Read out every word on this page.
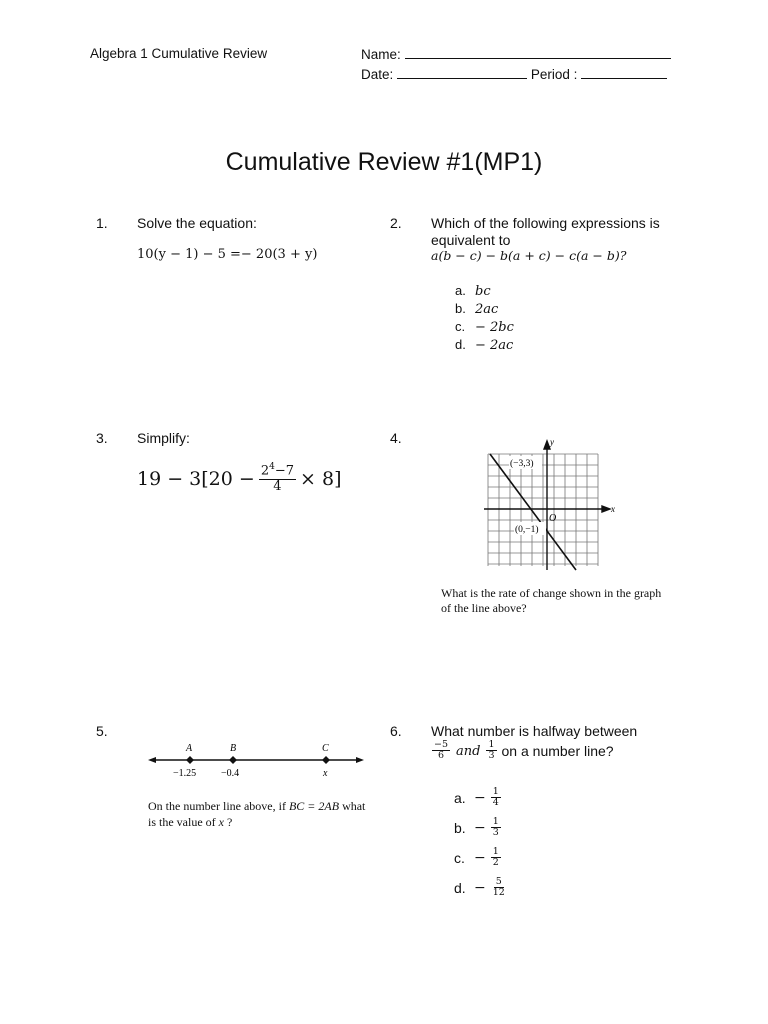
Algebra 1 Cumulative Review	Name:
Date:	Period :
Cumulative Review #1(MP1)
1. Solve the equation:
10(y − 1) − 5 =− 20(3 + y)
2. Which of the following expressions is
equivalent to
a(b − c) − b(a + c) − c(a − b)?
a. bc
b. 2ac
c. − 2bc
d. − 2ac
3. Simplify:
$19 - 3[20 - \frac{2^4-7}{4} \times 8]$
4.
(−3,3)
(0,−1)
O
x
y
What is the rate of change shown in the graph
of the line above?
5.
A	B	C
−1.25 −0.4	x
On the number line above, if BC = 2AB what
is the value of x ?
6. What number is halfway between
$\frac{-5}{6}$ and $\frac{1}{3}$ on a number line?
a. − $\frac{1}{4}$
b. − $\frac{1}{3}$
c. − $\frac{1}{2}$
d. − $\frac{5}{12}$
